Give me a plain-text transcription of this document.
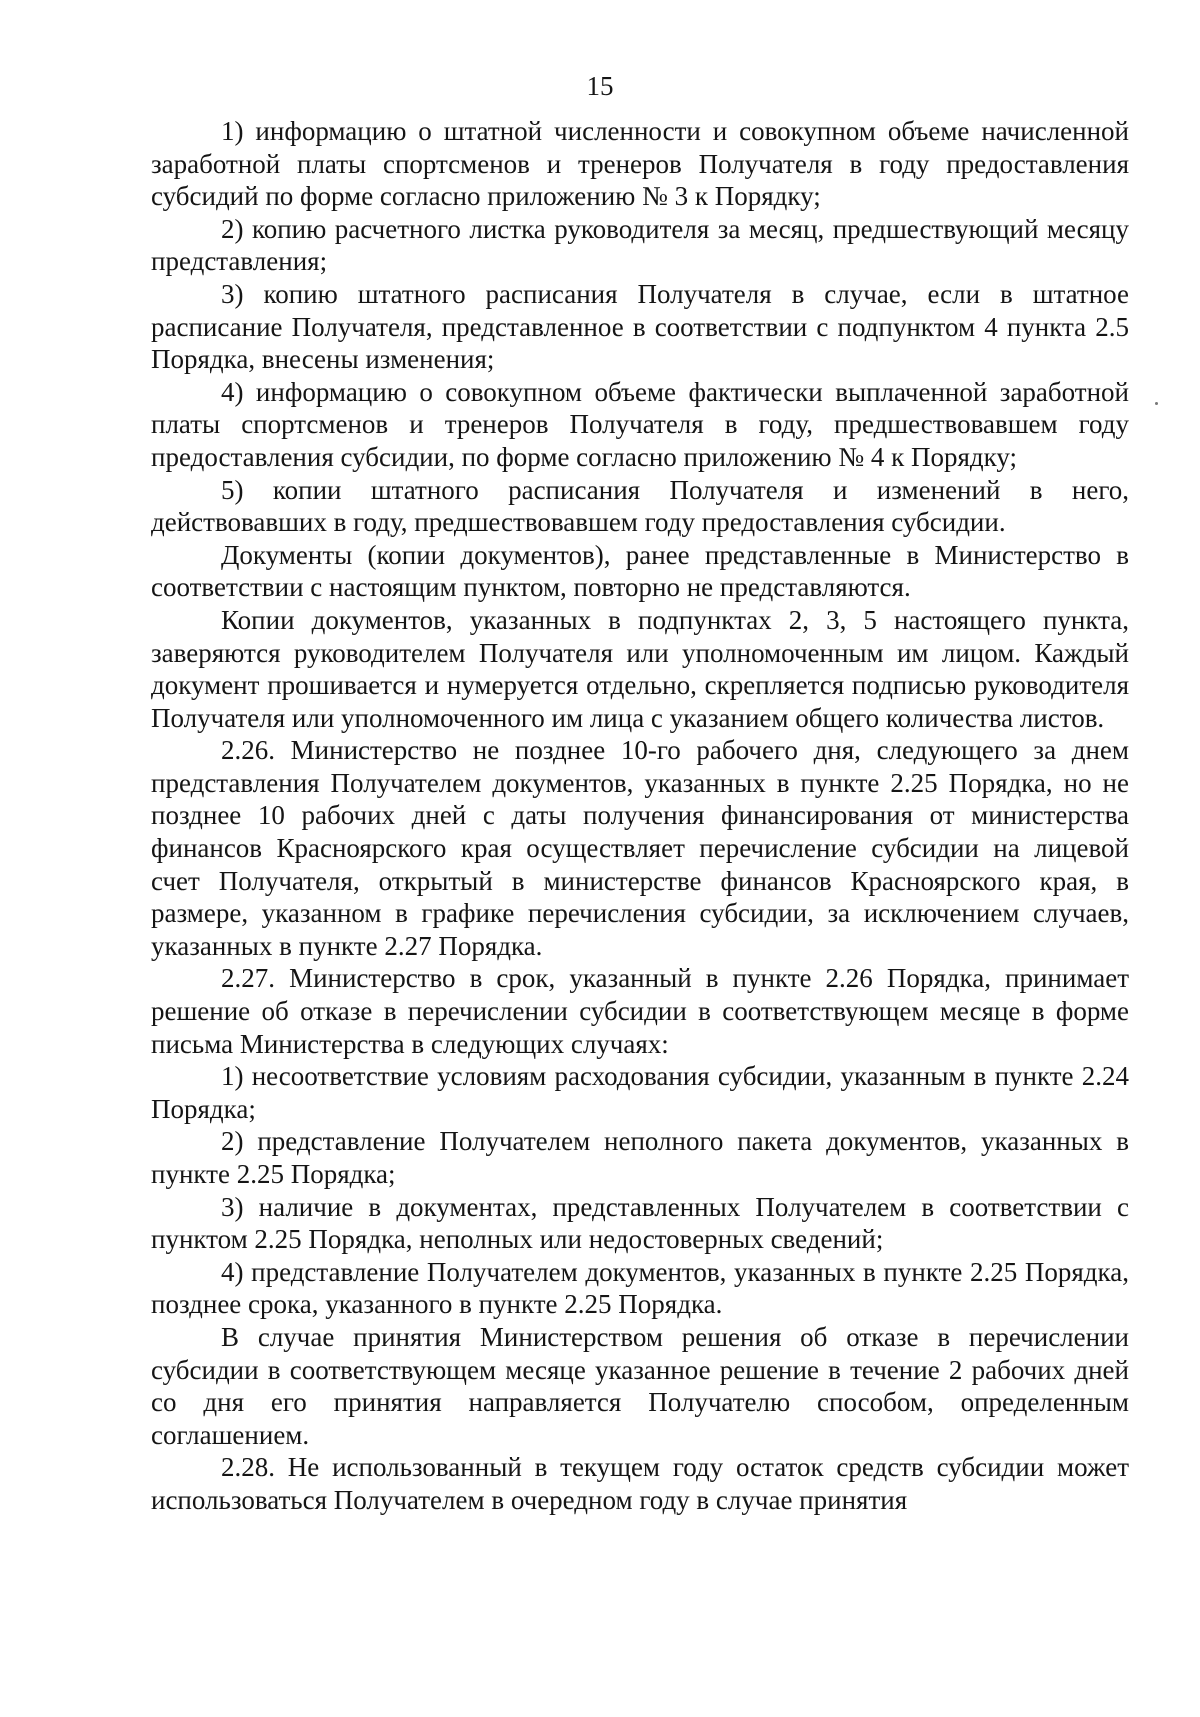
15

1) информацию о штатной численности и совокупном объеме начисленной заработной платы спортсменов и тренеров Получателя в году предоставления субсидий по форме согласно приложению № 3 к Порядку;

2) копию расчетного листка руководителя за месяц, предшествующий месяцу представления;

3) копию штатного расписания Получателя в случае, если в штатное расписание Получателя, представленное в соответствии с подпунктом 4 пункта 2.5 Порядка, внесены изменения;

4) информацию о совокупном объеме фактически выплаченной заработной платы спортсменов и тренеров Получателя в году, предшествовавшем году предоставления субсидии, по форме согласно приложению № 4 к Порядку;

5) копии штатного расписания Получателя и изменений в него, действовавших в году, предшествовавшем году предоставления субсидии.

Документы (копии документов), ранее представленные в Министерство в соответствии с настоящим пунктом, повторно не представляются.

Копии документов, указанных в подпунктах 2, 3, 5 настоящего пункта, заверяются руководителем Получателя или уполномоченным им лицом. Каждый документ прошивается и нумеруется отдельно, скрепляется подписью руководителя Получателя или уполномоченного им лица с указанием общего количества листов.

2.26. Министерство не позднее 10-го рабочего дня, следующего за днем представления Получателем документов, указанных в пункте 2.25 Порядка, но не позднее 10 рабочих дней с даты получения финансирования от министерства финансов Красноярского края осуществляет перечисление субсидии на лицевой счет Получателя, открытый в министерстве финансов Красноярского края, в размере, указанном в графике перечисления субсидии, за исключением случаев, указанных в пункте 2.27 Порядка.

2.27. Министерство в срок, указанный в пункте 2.26 Порядка, принимает решение об отказе в перечислении субсидии в соответствующем месяце в форме письма Министерства в следующих случаях:

1) несоответствие условиям расходования субсидии, указанным в пункте 2.24 Порядка;

2) представление Получателем неполного пакета документов, указанных в пункте 2.25 Порядка;

3) наличие в документах, представленных Получателем в соответствии с пунктом 2.25 Порядка, неполных или недостоверных сведений;

4) представление Получателем документов, указанных в пункте 2.25 Порядка, позднее срока, указанного в пункте 2.25 Порядка.

В случае принятия Министерством решения об отказе в перечислении субсидии в соответствующем месяце указанное решение в течение 2 рабочих дней со дня его принятия направляется Получателю способом, определенным соглашением.

2.28. Не использованный в текущем году остаток средств субсидии может использоваться Получателем в очередном году в случае принятия
